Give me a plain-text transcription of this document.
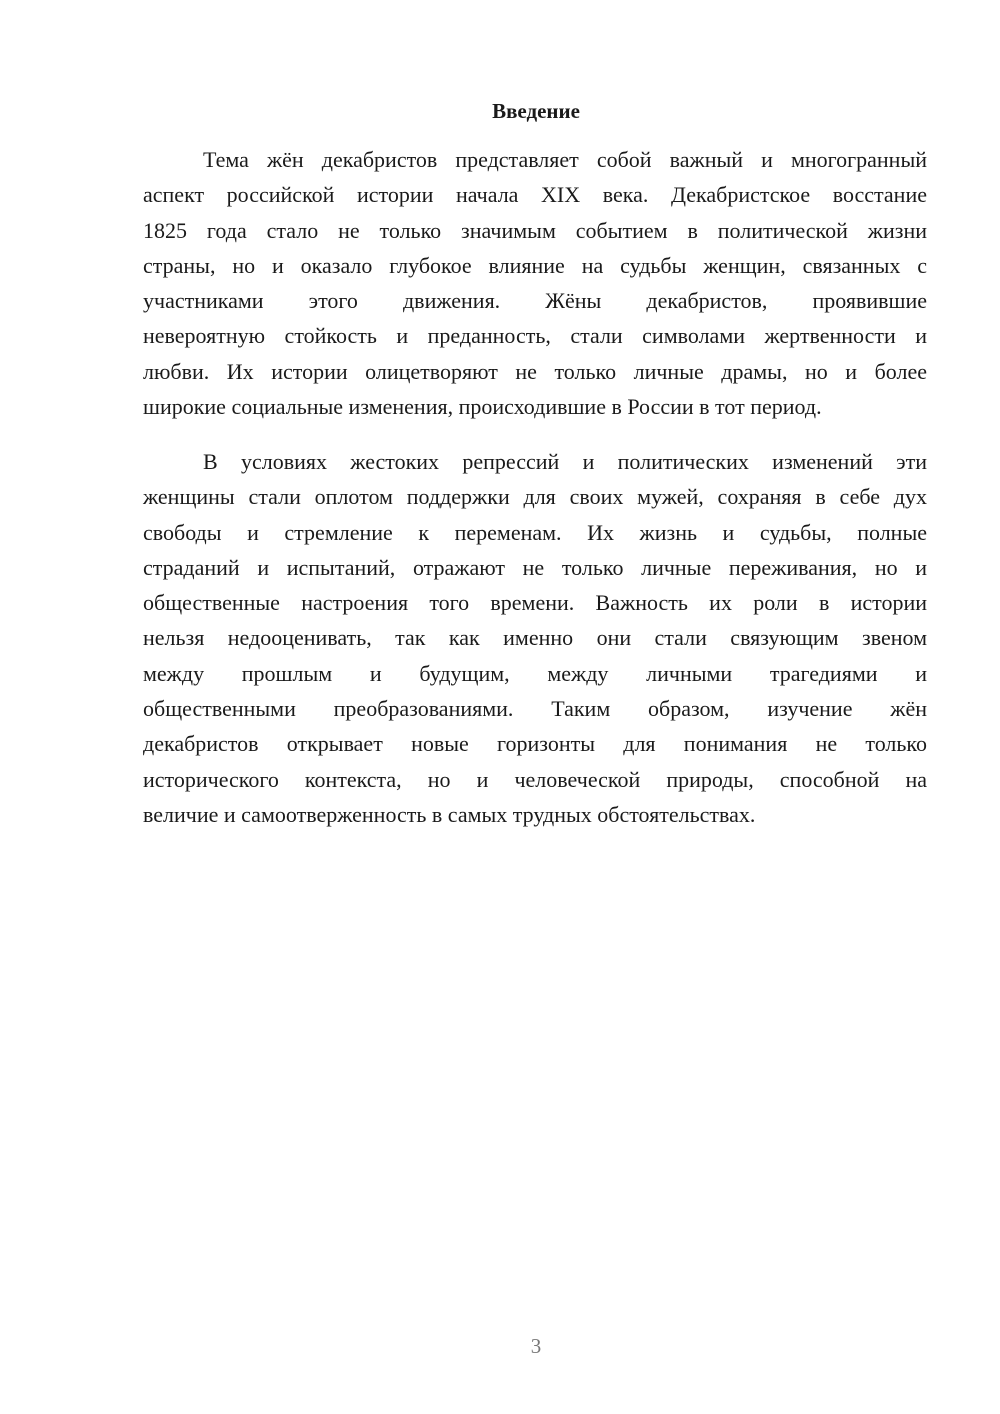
Введение
Тема жён декабристов представляет собой важный и многогранный
аспект российской истории начала XIX века. Декабристское восстание
1825 года стало не только значимым событием в политической жизни
страны, но и оказало глубокое влияние на судьбы женщин, связанных с
участниками этого движения. Жёны декабристов, проявившие
невероятную стойкость и преданность, стали символами жертвенности и
любви. Их истории олицетворяют не только личные драмы, но и более
широкие социальные изменения, происходившие в России в тот период.
В условиях жестоких репрессий и политических изменений эти
женщины стали оплотом поддержки для своих мужей, сохраняя в себе дух
свободы и стремление к переменам. Их жизнь и судьбы, полные
страданий и испытаний, отражают не только личные переживания, но и
общественные настроения того времени. Важность их роли в истории
нельзя недооценивать, так как именно они стали связующим звеном
между прошлым и будущим, между личными трагедиями и
общественными преобразованиями. Таким образом, изучение жён
декабристов открывает новые горизонты для понимания не только
исторического контекста, но и человеческой природы, способной на
величие и самоотверженность в самых трудных обстоятельствах.
3
